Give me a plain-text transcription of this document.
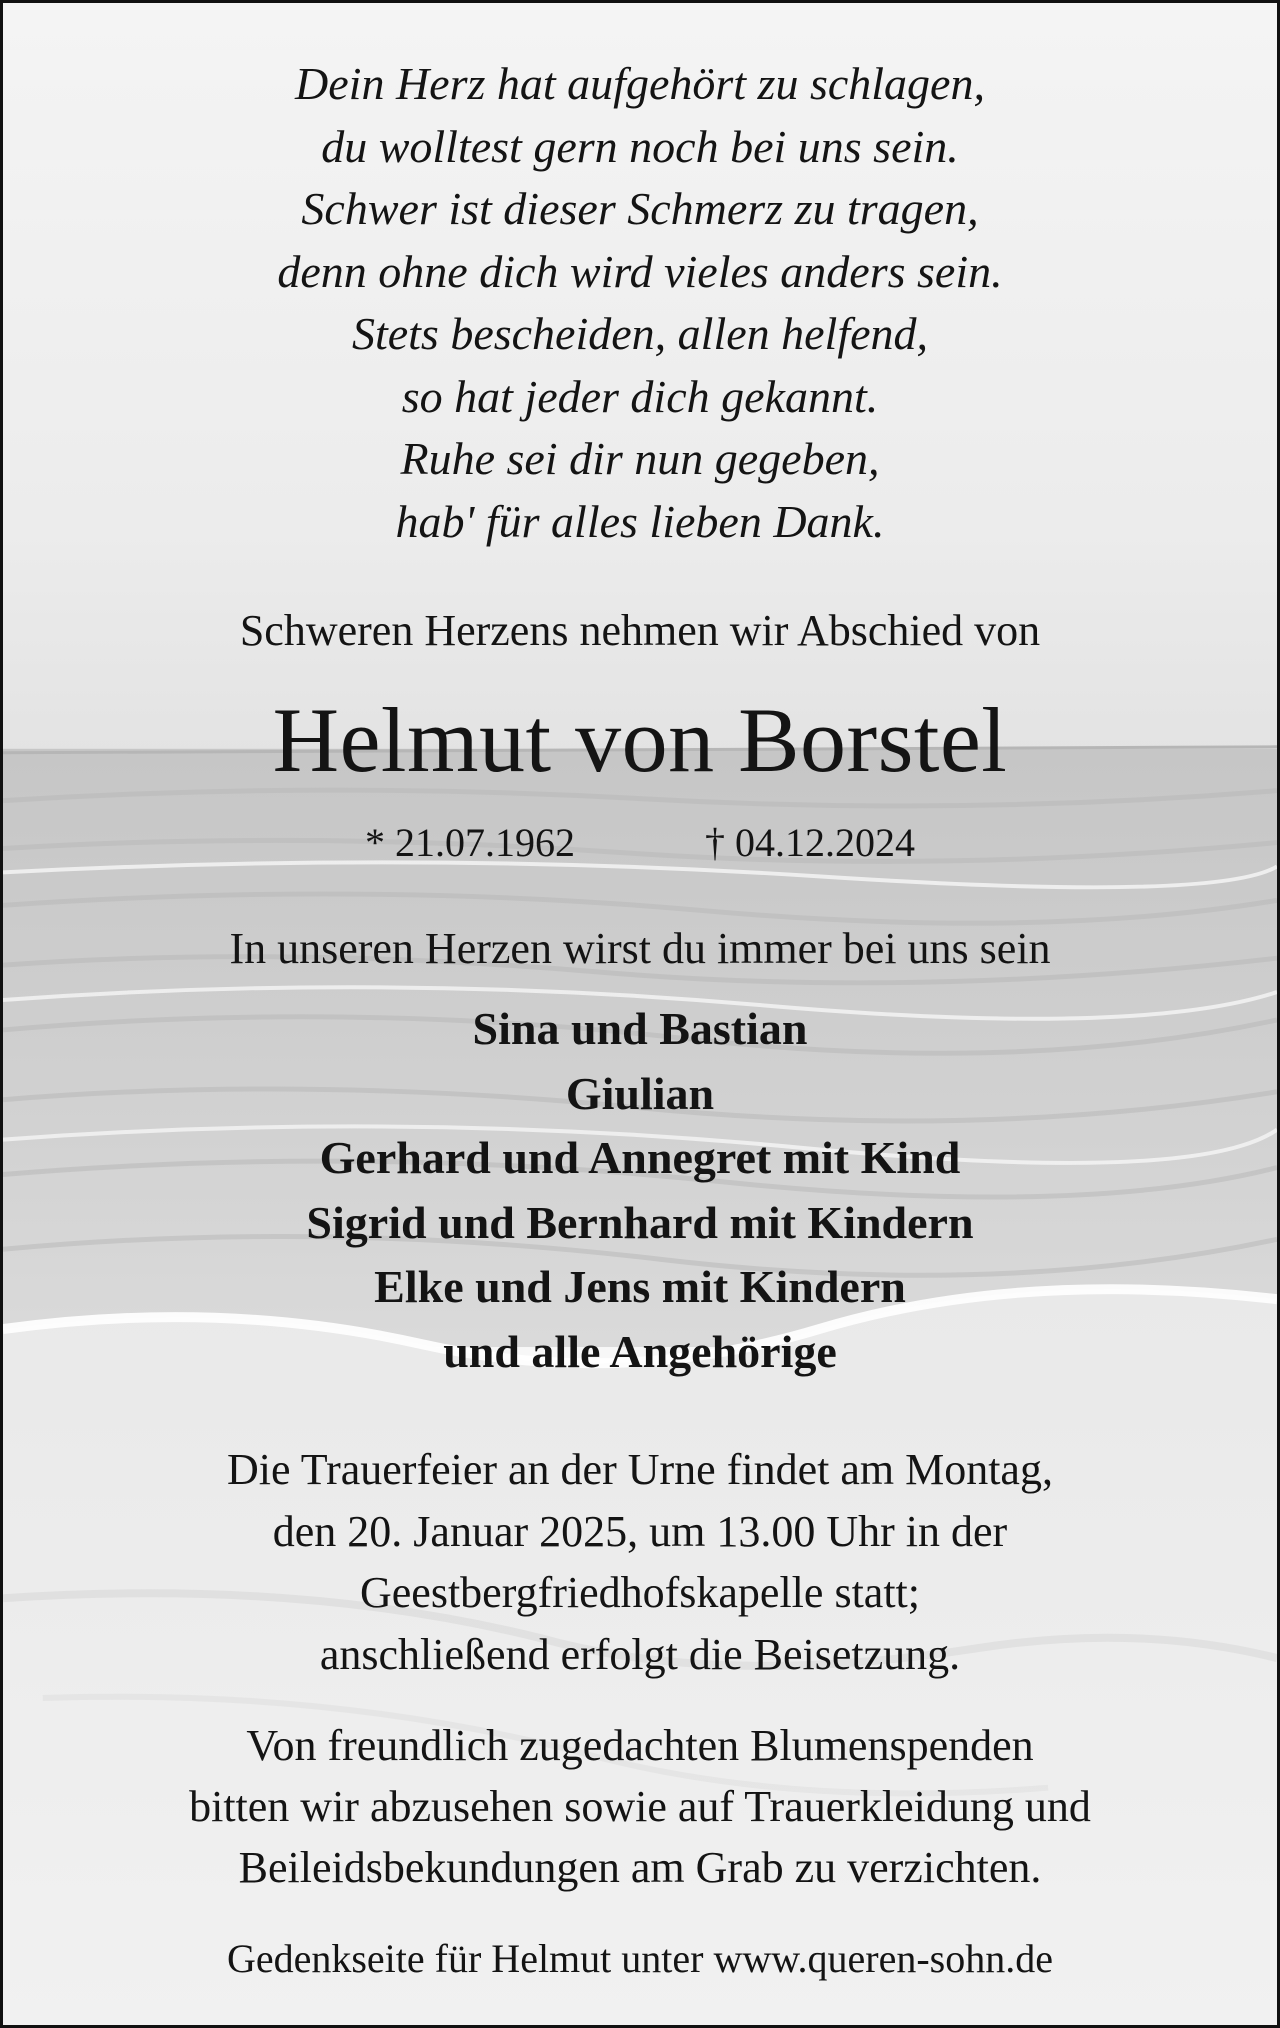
Dein Herz hat aufgehört zu schlagen,
du wolltest gern noch bei uns sein.
Schwer ist dieser Schmerz zu tragen,
denn ohne dich wird vieles anders sein.
Stets bescheiden, allen helfend,
so hat jeder dich gekannt.
Ruhe sei dir nun gegeben,
hab' für alles lieben Dank.
Schweren Herzens nehmen wir Abschied von
Helmut von Borstel
* 21.07.1962	† 04.12.2024
In unseren Herzen wirst du immer bei uns sein
Sina und Bastian
Giulian
Gerhard und Annegret mit Kind
Sigrid und Bernhard mit Kindern
Elke und Jens mit Kindern
und alle Angehörige
Die Trauerfeier an der Urne findet am Montag,
den 20. Januar 2025, um 13.00 Uhr in der
Geestbergfriedhofskapelle statt;
anschließend erfolgt die Beisetzung.
Von freundlich zugedachten Blumenspenden
bitten wir abzusehen sowie auf Trauerkleidung und
Beileidsbekundungen am Grab zu verzichten.
Gedenkseite für Helmut unter www.queren-sohn.de
